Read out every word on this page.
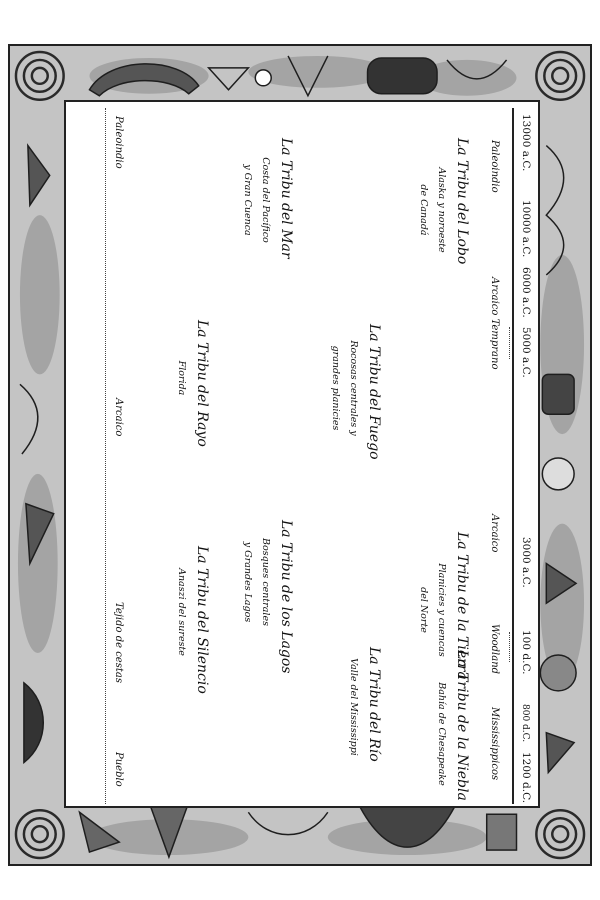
13000 a.C.
10000 a.C.
6000 a.C.
5000 a.C.
3000 a.C.
100 d.C.
800 d.C.
1200 d.C.
Paleoindio
Arcaico Temprano
Arcaico
Woodland
Mississippicos
La Tribu del Lobo
Alaska y noroeste
de Canadá
La Tribu de la Tierra
Planicies y cuencas
del Norte
La Tribu de la Niebla
Bahía de Chesapeake
La Tribu del Fuego
Rocosas centrales y
grandes planicies
La Tribu del Río
Valle del Mississippi
La Tribu del Mar
Costa del Pacífico
y Gran Cuenca
La Tribu de los Lagos
Bosques centrales
y Grandes Lagos
La Tribu del Rayo
Florida
La Tribu del Silencio
Anaszi del sureste
Paleoindio
Arcaico
Tejido de cestas
Pueblo
